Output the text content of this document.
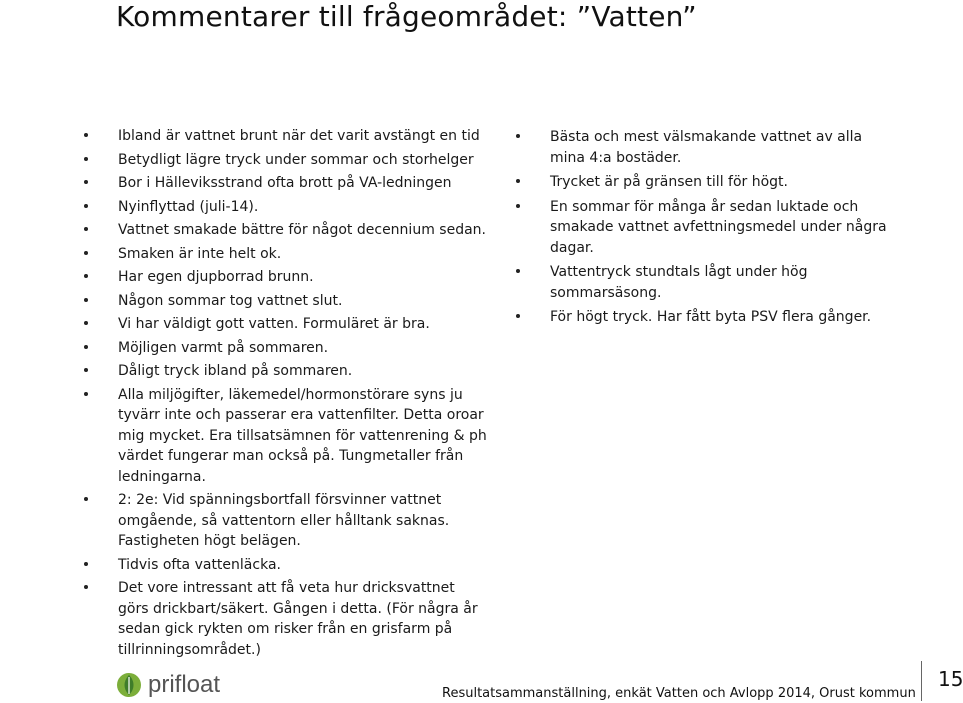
Kommentarer till frågeområdet: ”Vatten”
Ibland är vattnet brunt när det varit avstängt en tid
Betydligt lägre tryck under sommar och storhelger
Bor i Hälleviksstrand ofta brott på VA-ledningen
Nyinflyttad (juli-14).
Vattnet smakade bättre för något decennium sedan.
Smaken är inte helt ok.
Har egen djupborrad brunn.
Någon sommar tog vattnet slut.
Vi har väldigt gott vatten. Formuläret är bra.
Möjligen varmt på sommaren.
Dåligt tryck ibland på sommaren.
Alla miljögifter, läkemedel/hormonstörare syns ju tyvärr inte och passerar era vattenfilter. Detta oroar mig mycket. Era tillsatsämnen för vattenrening & ph värdet fungerar man också på. Tungmetaller från ledningarna.
2: 2e: Vid spänningsbortfall försvinner vattnet omgående, så vattentorn eller hålltank saknas. Fastigheten högt belägen.
Tidvis ofta vattenläcka.
Det vore intressant att få veta hur dricksvattnet görs drickbart/säkert. Gången i detta. (För några år sedan gick rykten om risker från en grisfarm på tillrinningsområdet.)
Bästa och mest välsmakande vattnet av alla mina 4:a bostäder.
Trycket är på gränsen till för högt.
En sommar för många år sedan luktade och smakade vattnet avfettningsmedel under några dagar.
Vattentryck stundtals lågt under hög sommarsäsong.
För högt tryck. Har fått byta PSV flera gånger.
prifloat	Resultatsammanställning, enkät Vatten och Avlopp 2014, Orust kommun
15
